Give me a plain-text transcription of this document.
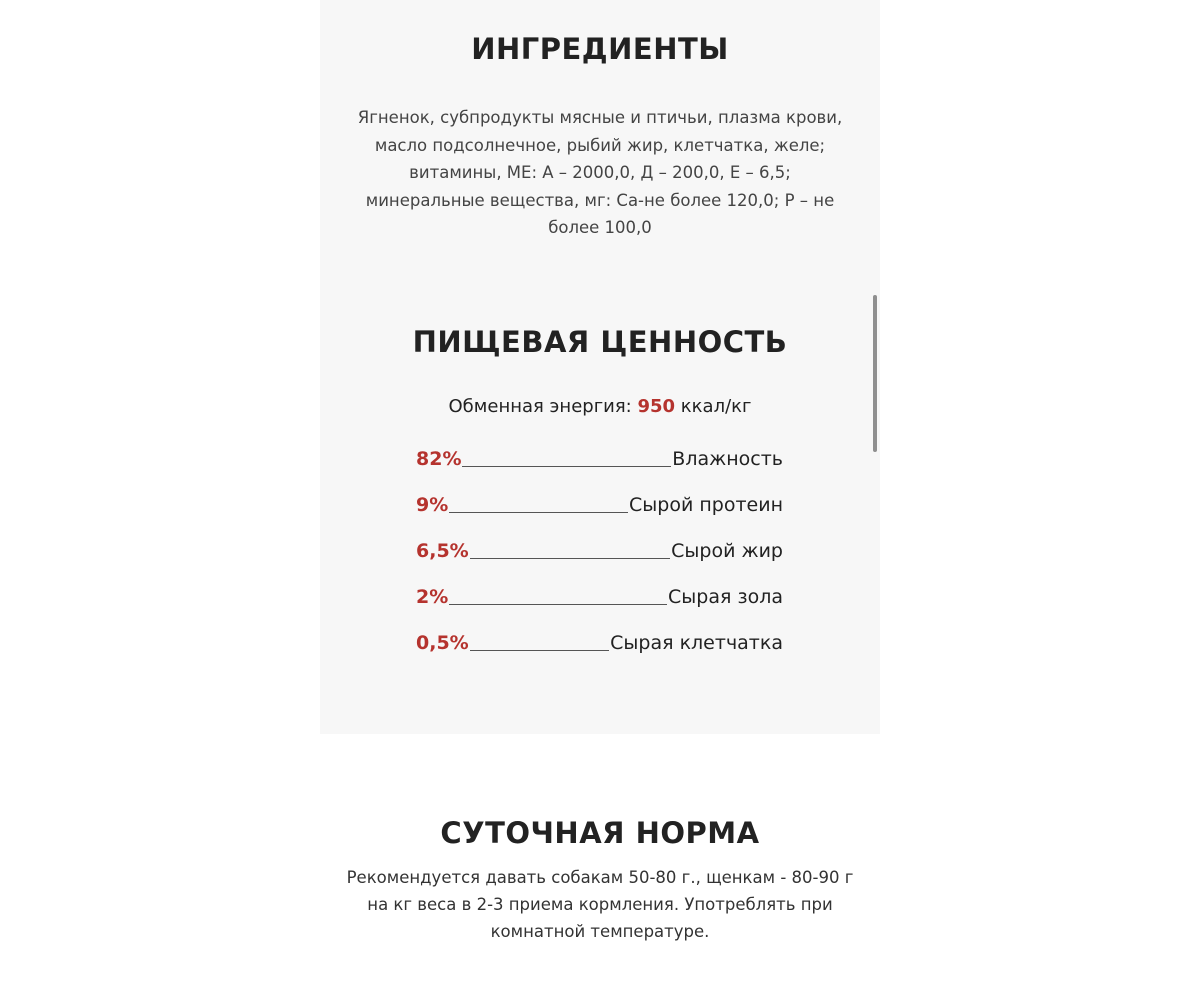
ИНГРЕДИЕНТЫ
Ягненок, субпродукты мясные и птичьи, плазма крови,
масло подсолнечное, рыбий жир, клетчатка, желе;
витамины, МЕ: А – 2000,0, Д – 200,0, Е – 6,5;
минеральные вещества, мг: Са-не более 120,0; Р – не
более 100,0
ПИЩЕВАЯ ЦЕННОСТЬ
Обменная энергия: 950 ккал/кг
82%	Влажность
9%	Сырой протеин
6,5%	Сырой жир
2%	Сырая зола
0,5%	Сырая клетчатка
СУТОЧНАЯ НОРМА
Рекомендуется давать собакам 50-80 г., щенкам - 80-90 г
на кг веса в 2-3 приема кормления. Употреблять при
комнатной температуре.
